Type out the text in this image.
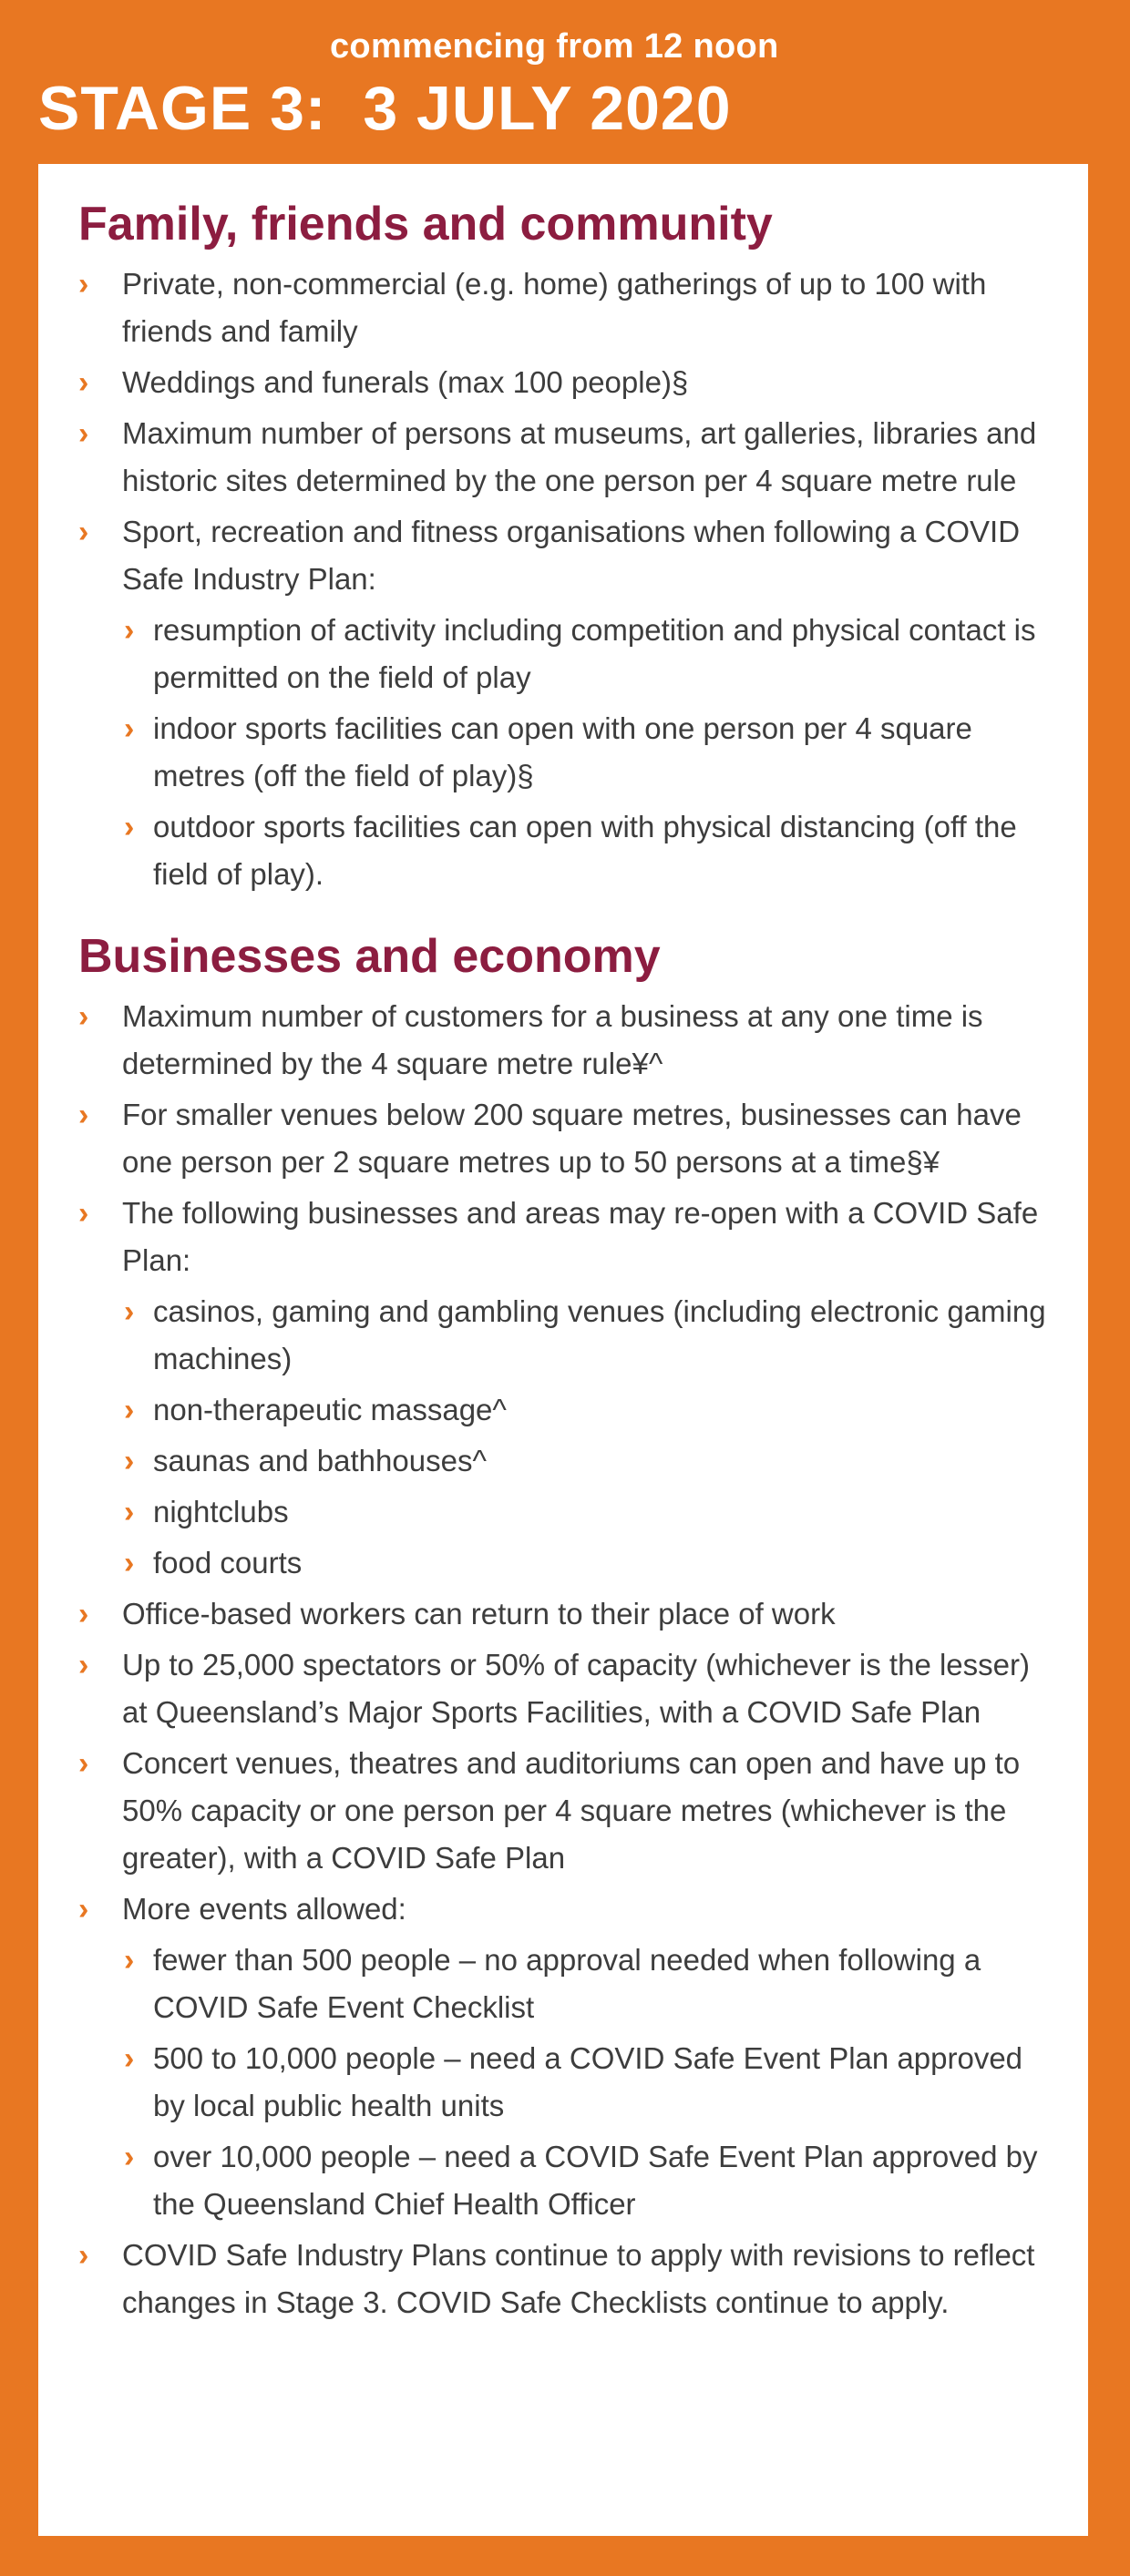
commencing from 12 noon
STAGE 3:  3 JULY 2020
Family, friends and community
› Private, non-commercial (e.g. home) gatherings of up to 100 with friends and family
› Weddings and funerals (max 100 people)§
› Maximum number of persons at museums, art galleries, libraries and historic sites determined by the one person per 4 square metre rule
› Sport, recreation and fitness organisations when following a COVID Safe Industry Plan:
› resumption of activity including competition and physical contact is permitted on the field of play
› indoor sports facilities can open with one person per 4 square metres (off the field of play)§
› outdoor sports facilities can open with physical distancing (off the field of play).
Businesses and economy
› Maximum number of customers for a business at any one time is determined by the 4 square metre rule¥^
› For smaller venues below 200 square metres, businesses can have one person per 2 square metres up to 50 persons at a time§¥
› The following businesses and areas may re-open with a COVID Safe Plan:
› casinos, gaming and gambling venues (including electronic gaming machines)
› non-therapeutic massage^
› saunas and bathhouses^
› nightclubs
› food courts
› Office-based workers can return to their place of work
› Up to 25,000 spectators or 50% of capacity (whichever is the lesser) at Queensland’s Major Sports Facilities, with a COVID Safe Plan
› Concert venues, theatres and auditoriums can open and have up to 50% capacity or one person per 4 square metres (whichever is the greater), with a COVID Safe Plan
› More events allowed:
› fewer than 500 people – no approval needed when following a COVID Safe Event Checklist
› 500 to 10,000 people – need a COVID Safe Event Plan approved by local public health units
› over 10,000 people – need a COVID Safe Event Plan approved by the Queensland Chief Health Officer
› COVID Safe Industry Plans continue to apply with revisions to reflect changes in Stage 3. COVID Safe Checklists continue to apply.
